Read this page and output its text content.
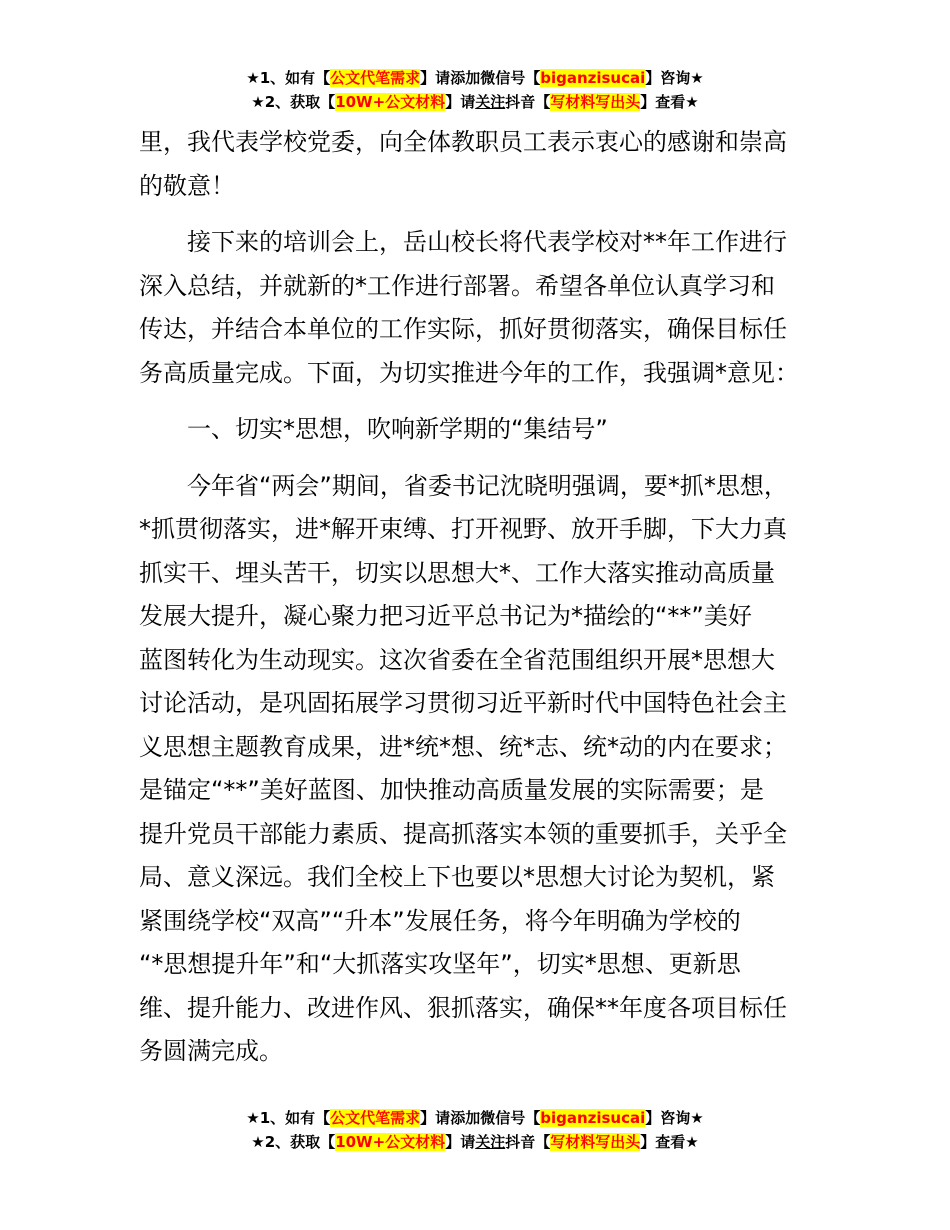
★1、如有【公文代笔需求】请添加微信号【biganzisucai】咨询★
★2、获取【10W+公文材料】请关注抖音【写材料写出头】查看★

里，我代表学校党委，向全体教职员工表示衷心的感谢和崇高

的敬意！

接下来的培训会上，岳山校长将代表学校对**年工作进行

深入总结，并就新的*工作进行部署。希望各单位认真学习和

传达，并结合本单位的工作实际，抓好贯彻落实，确保目标任

务高质量完成。下面，为切实推进今年的工作，我强调*意见：

一、切实*思想，吹响新学期的“集结号”

今年省“两会”期间，省委书记沈晓明强调，要*抓*思想，

*抓贯彻落实，进*解开束缚、打开视野、放开手脚，下大力真

抓实干、埋头苦干，切实以思想大*、工作大落实推动高质量

发展大提升，凝心聚力把习近平总书记为*描绘的“**”美好

蓝图转化为生动现实。这次省委在全省范围组织开展*思想大

讨论活动，是巩固拓展学习贯彻习近平新时代中国特色社会主

义思想主题教育成果，进*统*想、统*志、统*动的内在要求；

是锚定“**”美好蓝图、加快推动高质量发展的实际需要；是

提升党员干部能力素质、提高抓落实本领的重要抓手，关乎全

局、意义深远。我们全校上下也要以*思想大讨论为契机，紧

紧围绕学校“双高”“升本”发展任务，将今年明确为学校的

“*思想提升年”和“大抓落实攻坚年”，切实*思想、更新思

维、提升能力、改进作风、狠抓落实，确保**年度各项目标任

务圆满完成。

★1、如有【公文代笔需求】请添加微信号【biganzisucai】咨询★
★2、获取【10W+公文材料】请关注抖音【写材料写出头】查看★
